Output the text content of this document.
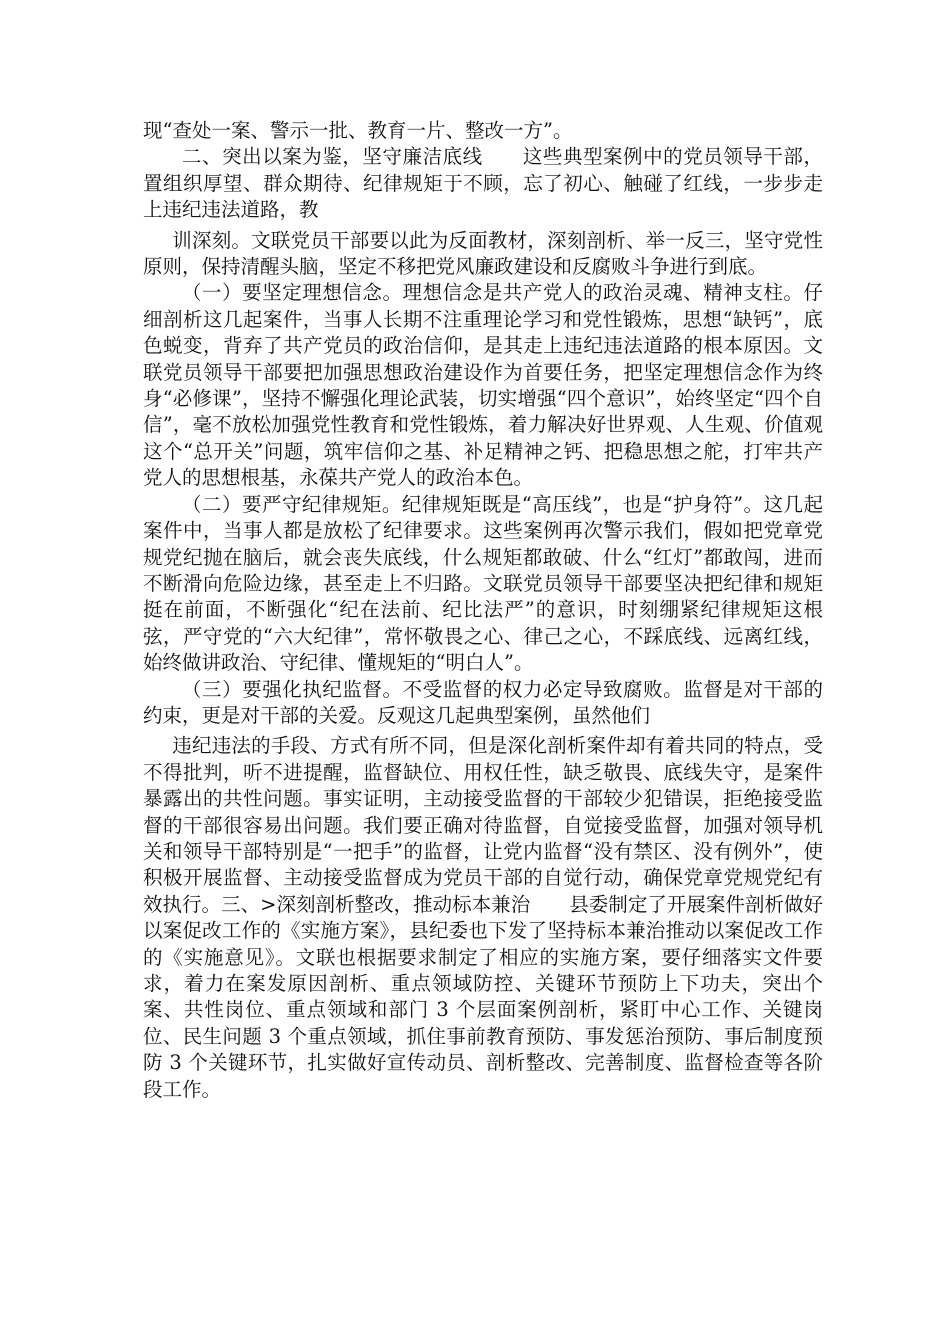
现“查处一案、警示一批、教育一片、整改一方”。

二、突出以案为鉴，坚守廉洁底线　　这些典型案例中的党员领导干部，置组织厚望、群众期待、纪律规矩于不顾，忘了初心、触碰了红线，一步步走上违纪违法道路，教

训深刻。文联党员干部要以此为反面教材，深刻剖析、举一反三，坚守党性原则，保持清醒头脑，坚定不移把党风廉政建设和反腐败斗争进行到底。

（一）要坚定理想信念。理想信念是共产党人的政治灵魂、精神支柱。仔细剖析这几起案件，当事人长期不注重理论学习和党性锻炼，思想“缺钙”，底色蜕变，背弃了共产党员的政治信仰，是其走上违纪违法道路的根本原因。文联党员领导干部要把加强思想政治建设作为首要任务，把坚定理想信念作为终身“必修课”，坚持不懈强化理论武装，切实增强“四个意识”，始终坚定“四个自信”，毫不放松加强党性教育和党性锻炼，着力解决好世界观、人生观、价值观这个“总开关”问题，筑牢信仰之基、补足精神之钙、把稳思想之舵，打牢共产党人的思想根基，永葆共产党人的政治本色。

（二）要严守纪律规矩。纪律规矩既是“高压线”，也是“护身符”。这几起案件中，当事人都是放松了纪律要求。这些案例再次警示我们，假如把党章党规党纪抛在脑后，就会丧失底线，什么规矩都敢破、什么“红灯”都敢闯，进而不断滑向危险边缘，甚至走上不归路。文联党员领导干部要坚决把纪律和规矩挺在前面，不断强化“纪在法前、纪比法严”的意识，时刻绷紧纪律规矩这根弦，严守党的“六大纪律”，常怀敬畏之心、律己之心，不踩底线、远离红线，始终做讲政治、守纪律、懂规矩的“明白人”。

（三）要强化执纪监督。不受监督的权力必定导致腐败。监督是对干部的约束，更是对干部的关爱。反观这几起典型案例，虽然他们

违纪违法的手段、方式有所不同，但是深化剖析案件却有着共同的特点，受不得批判，听不进提醒，监督缺位、用权任性，缺乏敬畏、底线失守，是案件暴露出的共性问题。事实证明，主动接受监督的干部较少犯错误，拒绝接受监督的干部很容易出问题。我们要正确对待监督，自觉接受监督，加强对领导机关和领导干部特别是“一把手”的监督，让党内监督“没有禁区、没有例外”，使积极开展监督、主动接受监督成为党员干部的自觉行动，确保党章党规党纪有效执行。三、>深刻剖析整改，推动标本兼治　　县委制定了开展案件剖析做好以案促改工作的《实施方案》，县纪委也下发了坚持标本兼治推动以案促改工作的《实施意见》。文联也根据要求制定了相应的实施方案，要仔细落实文件要求，着力在案发原因剖析、重点领域防控、关键环节预防上下功夫，突出个案、共性岗位、重点领域和部门 3 个层面案例剖析，紧盯中心工作、关键岗位、民生问题 3 个重点领域，抓住事前教育预防、事发惩治预防、事后制度预防 3 个关键环节，扎实做好宣传动员、剖析整改、完善制度、监督检查等各阶段工作。
